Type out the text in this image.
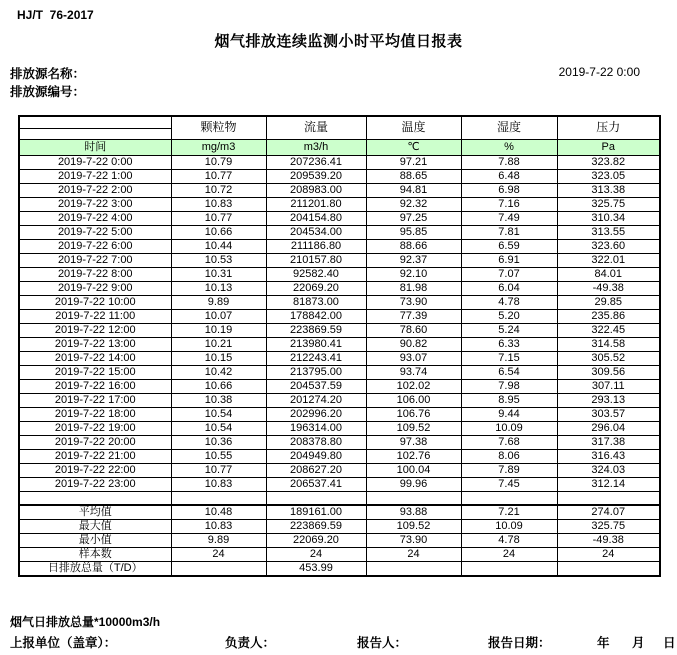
HJ/T  76-2017
烟气排放连续监测小时平均值日报表
排放源名称：
排放源编号：
2019-7-22 0:00
	颗粒物	流量	温度	湿度	压力

时间	mg/m3	m3/h	℃	%	Pa
2019-7-22 0:00	10.79	207236.41	97.21	7.88	323.82
2019-7-22 1:00	10.77	209539.20	88.65	6.48	323.05
2019-7-22 2:00	10.72	208983.00	94.81	6.98	313.38
2019-7-22 3:00	10.83	211201.80	92.32	7.16	325.75
2019-7-22 4:00	10.77	204154.80	97.25	7.49	310.34
2019-7-22 5:00	10.66	204534.00	95.85	7.81	313.55
2019-7-22 6:00	10.44	211186.80	88.66	6.59	323.60
2019-7-22 7:00	10.53	210157.80	92.37	6.91	322.01
2019-7-22 8:00	10.31	92582.40	92.10	7.07	84.01
2019-7-22 9:00	10.13	22069.20	81.98	6.04	-49.38
2019-7-22 10:00	9.89	81873.00	73.90	4.78	29.85
2019-7-22 11:00	10.07	178842.00	77.39	5.20	235.86
2019-7-22 12:00	10.19	223869.59	78.60	5.24	322.45
2019-7-22 13:00	10.21	213980.41	90.82	6.33	314.58
2019-7-22 14:00	10.15	212243.41	93.07	7.15	305.52
2019-7-22 15:00	10.42	213795.00	93.74	6.54	309.56
2019-7-22 16:00	10.66	204537.59	102.02	7.98	307.11
2019-7-22 17:00	10.38	201274.20	106.00	8.95	293.13
2019-7-22 18:00	10.54	202996.20	106.76	9.44	303.57
2019-7-22 19:00	10.54	196314.00	109.52	10.09	296.04
2019-7-22 20:00	10.36	208378.80	97.38	7.68	317.38
2019-7-22 21:00	10.55	204949.80	102.76	8.06	316.43
2019-7-22 22:00	10.77	208627.20	100.04	7.89	324.03
2019-7-22 23:00	10.83	206537.41	99.96	7.45	312.14

平均值	10.48	189161.00	93.88	7.21	274.07
最大值	10.83	223869.59	109.52	10.09	325.75
最小值	9.89	22069.20	73.90	4.78	-49.38
样本数	24	24	24	24	24
日排放总量（T/D）		453.99			
烟气日排放总量*10000m3/h
上报单位（盖章）：	负责人：	报告人：	报告日期：	年 月 日
